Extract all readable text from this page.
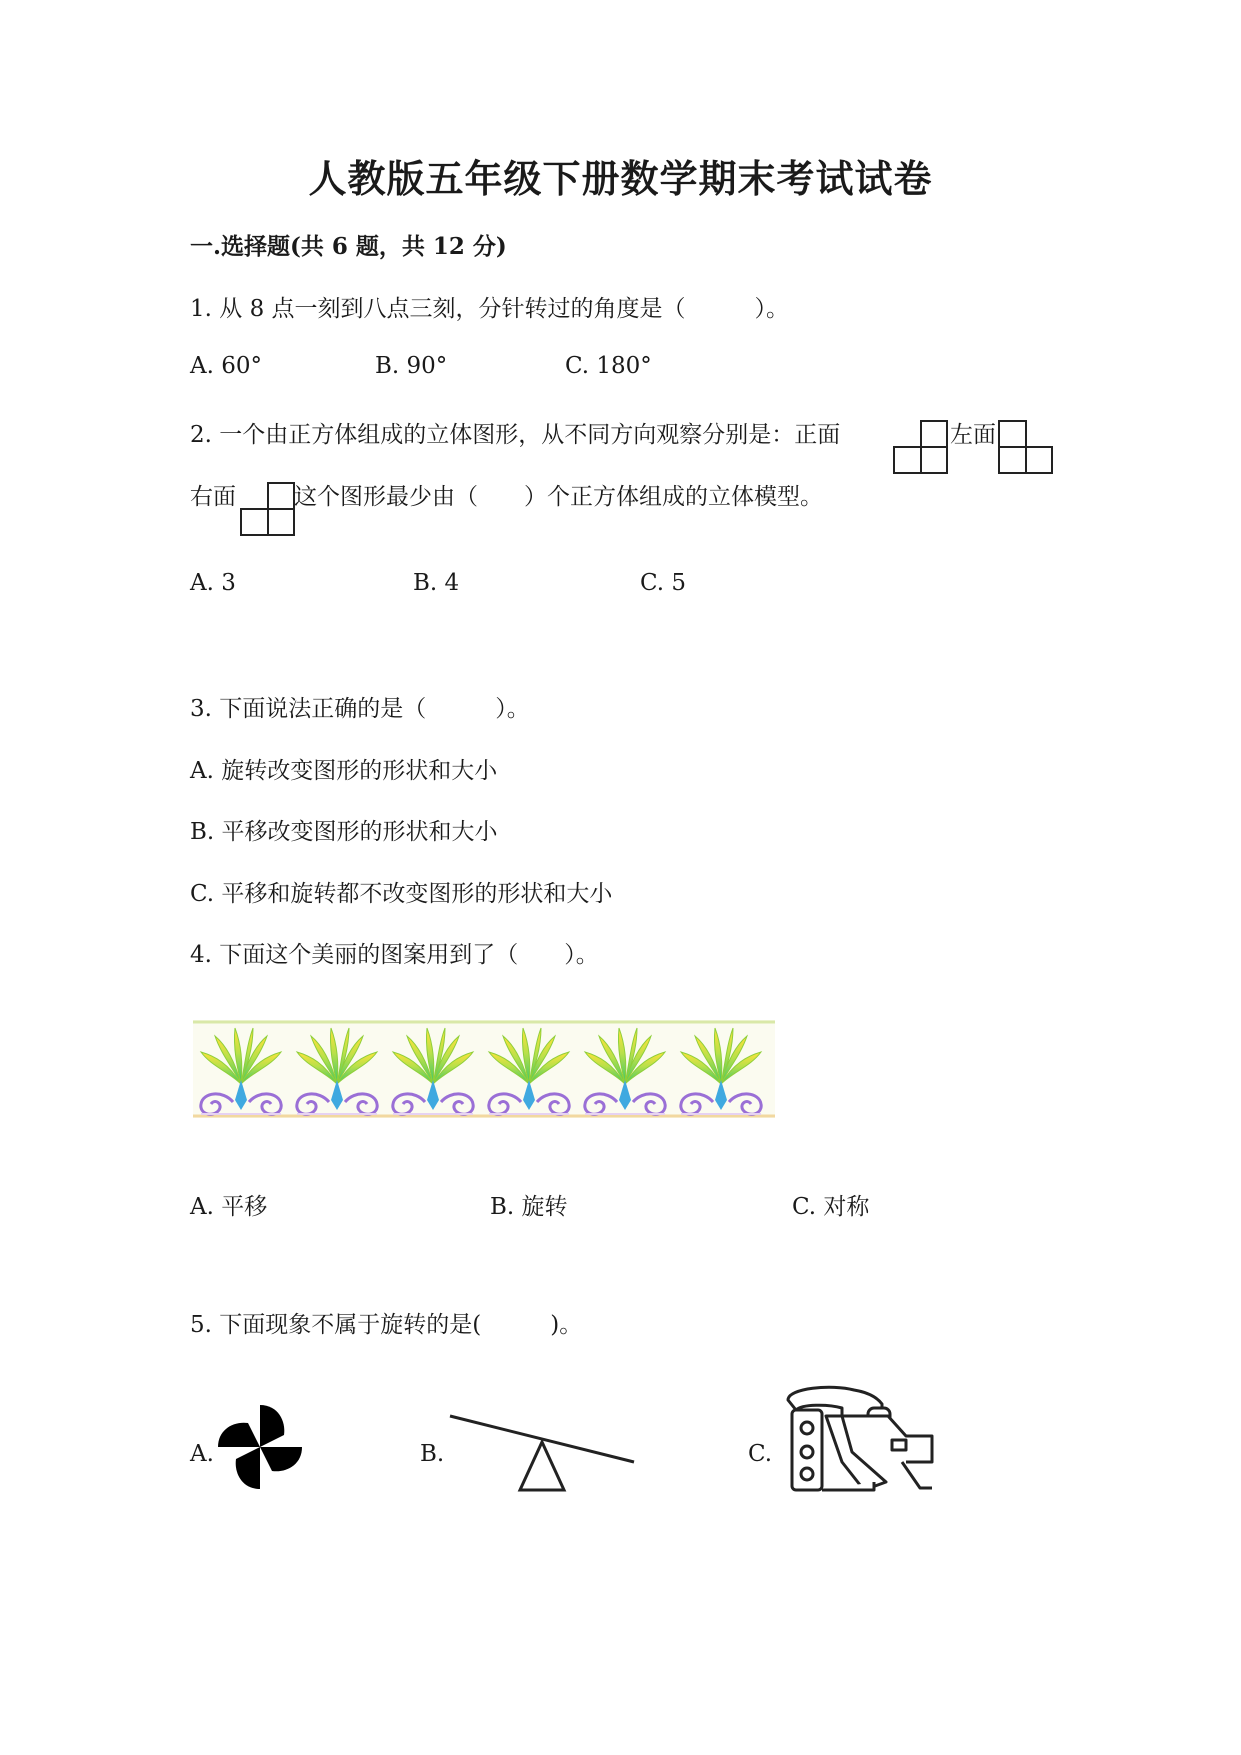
人教版五年级下册数学期末考试试卷
一.选择题(共 6 题，共 12 分)
1. 从 8 点一刻到八点三刻，分针转过的角度是（　　　）。
A. 60°	B. 90°	C. 180°
2. 一个由正方体组成的立体图形，从不同方向观察分别是：正面	左面
右面	这个图形最少由（　　）个正方体组成的立体模型。
A. 3	B. 4	C. 5
3. 下面说法正确的是（　　　）。
A. 旋转改变图形的形状和大小
B. 平移改变图形的形状和大小
C. 平移和旋转都不改变图形的形状和大小
4. 下面这个美丽的图案用到了（　　）。
A. 平移	B. 旋转	C. 对称
5. 下面现象不属于旋转的是(　　　)。
A.	B.	C.
